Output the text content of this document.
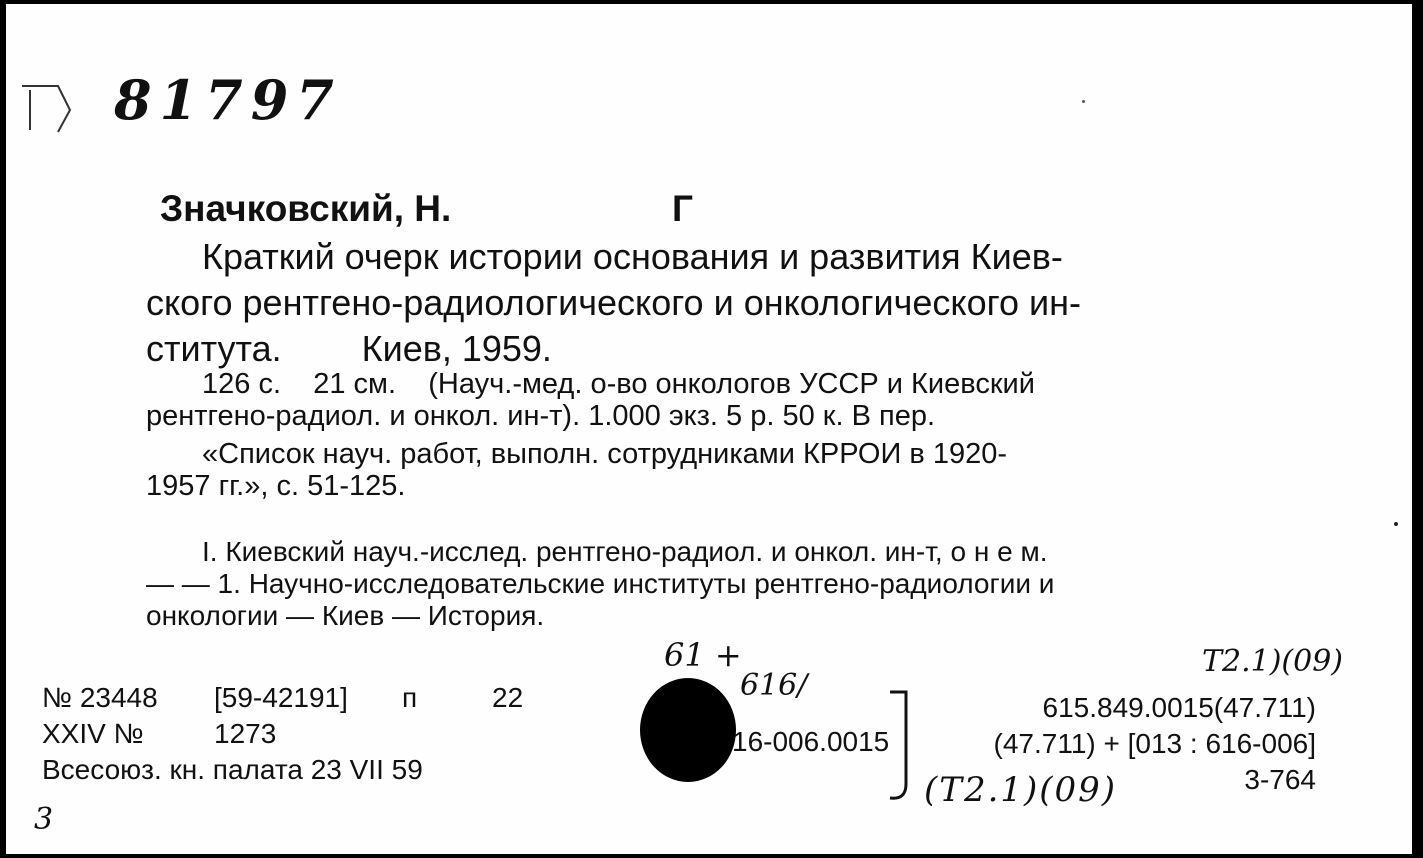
81797
Значковский, Н.	Г

Краткий очерк истории основания и развития Киев-
ского рентгено-радиологического и онкологического ин-
ститута. Киев, 1959.

126 с.    21 см.    (Науч.-мед. о-во онкологов УССР и Киевский
рентгено-радиол. и онкол. ин-т). 1.000 экз. 5 р. 50 к. В пер.

«Список науч. работ, выполн. сотрудниками КРРОИ в 1920-
1957 гг.», с. 51-125.

I. Киевский науч.-исслед. рентгено-радиол. и онкол. ин-т, о н е м.
— — 1. Научно-исследовательские институты рентгено-радиологии и
онкологии — Киев — История.

№ 23448 [59-42191] п	22
XXIV №	1273
Всесоюз. кн. палата 23 VII 59
16-006.0015
615.849.0015(47.711)
(47.711) + [013 : 616-006]
3-764
61 +
616/
Т2.1)(09)
(Т2.1)(09)
3
